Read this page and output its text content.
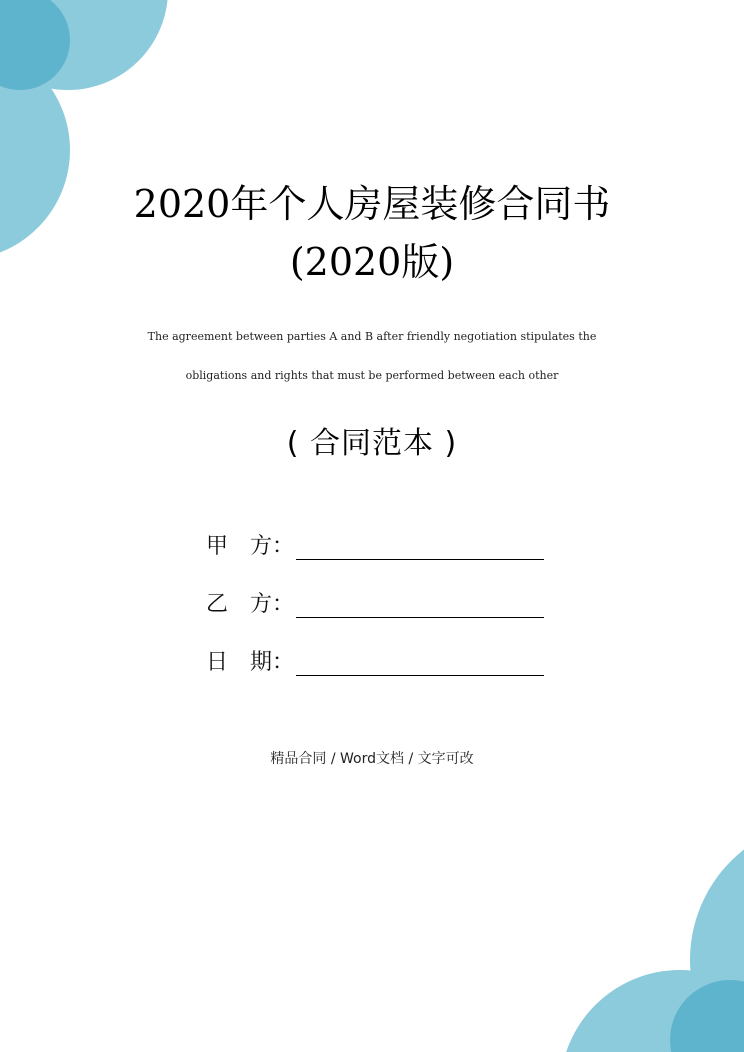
2020年个人房屋装修合同书
(2020版)
The agreement between parties A and B after friendly negotiation stipulates the
obligations and rights that must be performed between each other
( 合同范本 )
甲　方：
乙　方：
日　期：
精品合同 / Word文档 / 文字可改
